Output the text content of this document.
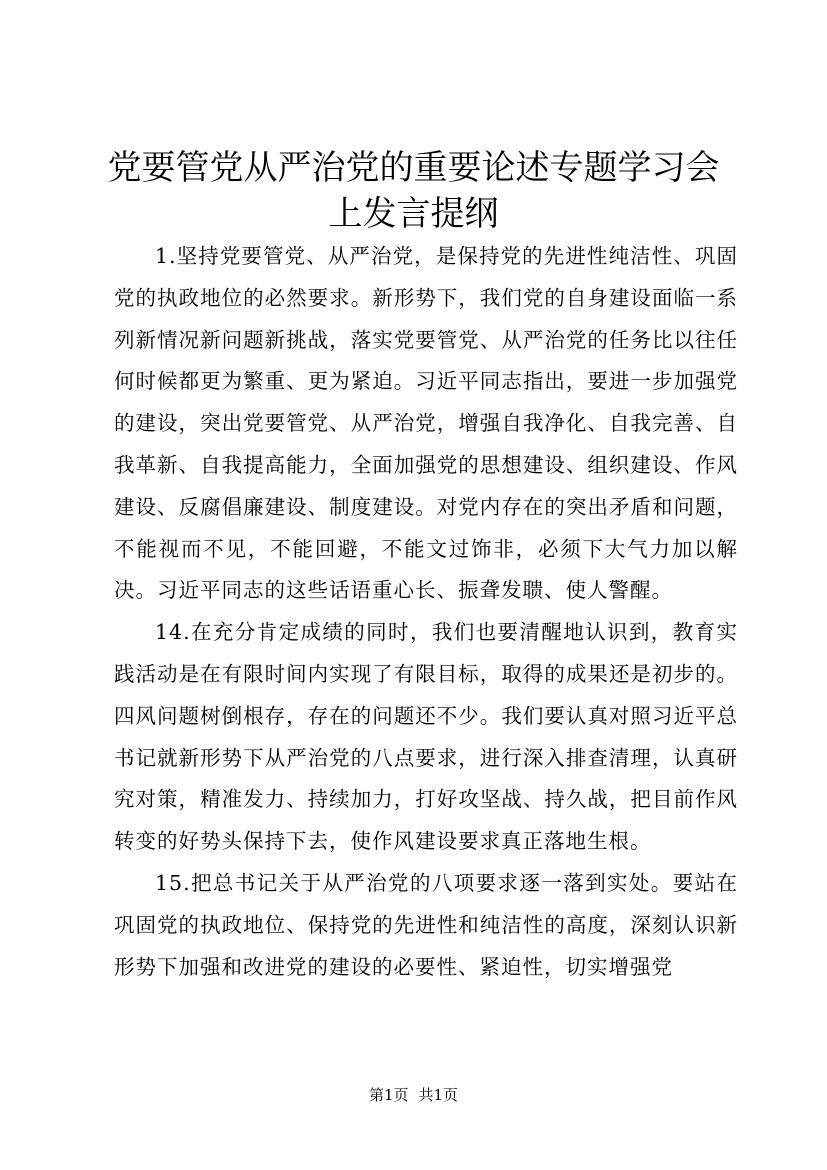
党要管党从严治党的重要论述专题学习会上发言提纲

1.坚持党要管党、从严治党，是保持党的先进性纯洁性、巩固党的执政地位的必然要求。新形势下，我们党的自身建设面临一系列新情况新问题新挑战，落实党要管党、从严治党的任务比以往任何时候都更为繁重、更为紧迫。习近平同志指出，要进一步加强党的建设，突出党要管党、从严治党，增强自我净化、自我完善、自我革新、自我提高能力，全面加强党的思想建设、组织建设、作风建设、反腐倡廉建设、制度建设。对党内存在的突出矛盾和问题，不能视而不见，不能回避，不能文过饰非，必须下大气力加以解决。习近平同志的这些话语重心长、振聋发聩、使人警醒。

14.在充分肯定成绩的同时，我们也要清醒地认识到，教育实践活动是在有限时间内实现了有限目标，取得的成果还是初步的。四风问题树倒根存，存在的问题还不少。我们要认真对照习近平总书记就新形势下从严治党的八点要求，进行深入排查清理，认真研究对策，精准发力、持续加力，打好攻坚战、持久战，把目前作风转变的好势头保持下去，使作风建设要求真正落地生根。

15.把总书记关于从严治党的八项要求逐一落到实处。要站在巩固党的执政地位、保持党的先进性和纯洁性的高度，深刻认识新形势下加强和改进党的建设的必要性、紧迫性，切实增强党

第1页 共1页
